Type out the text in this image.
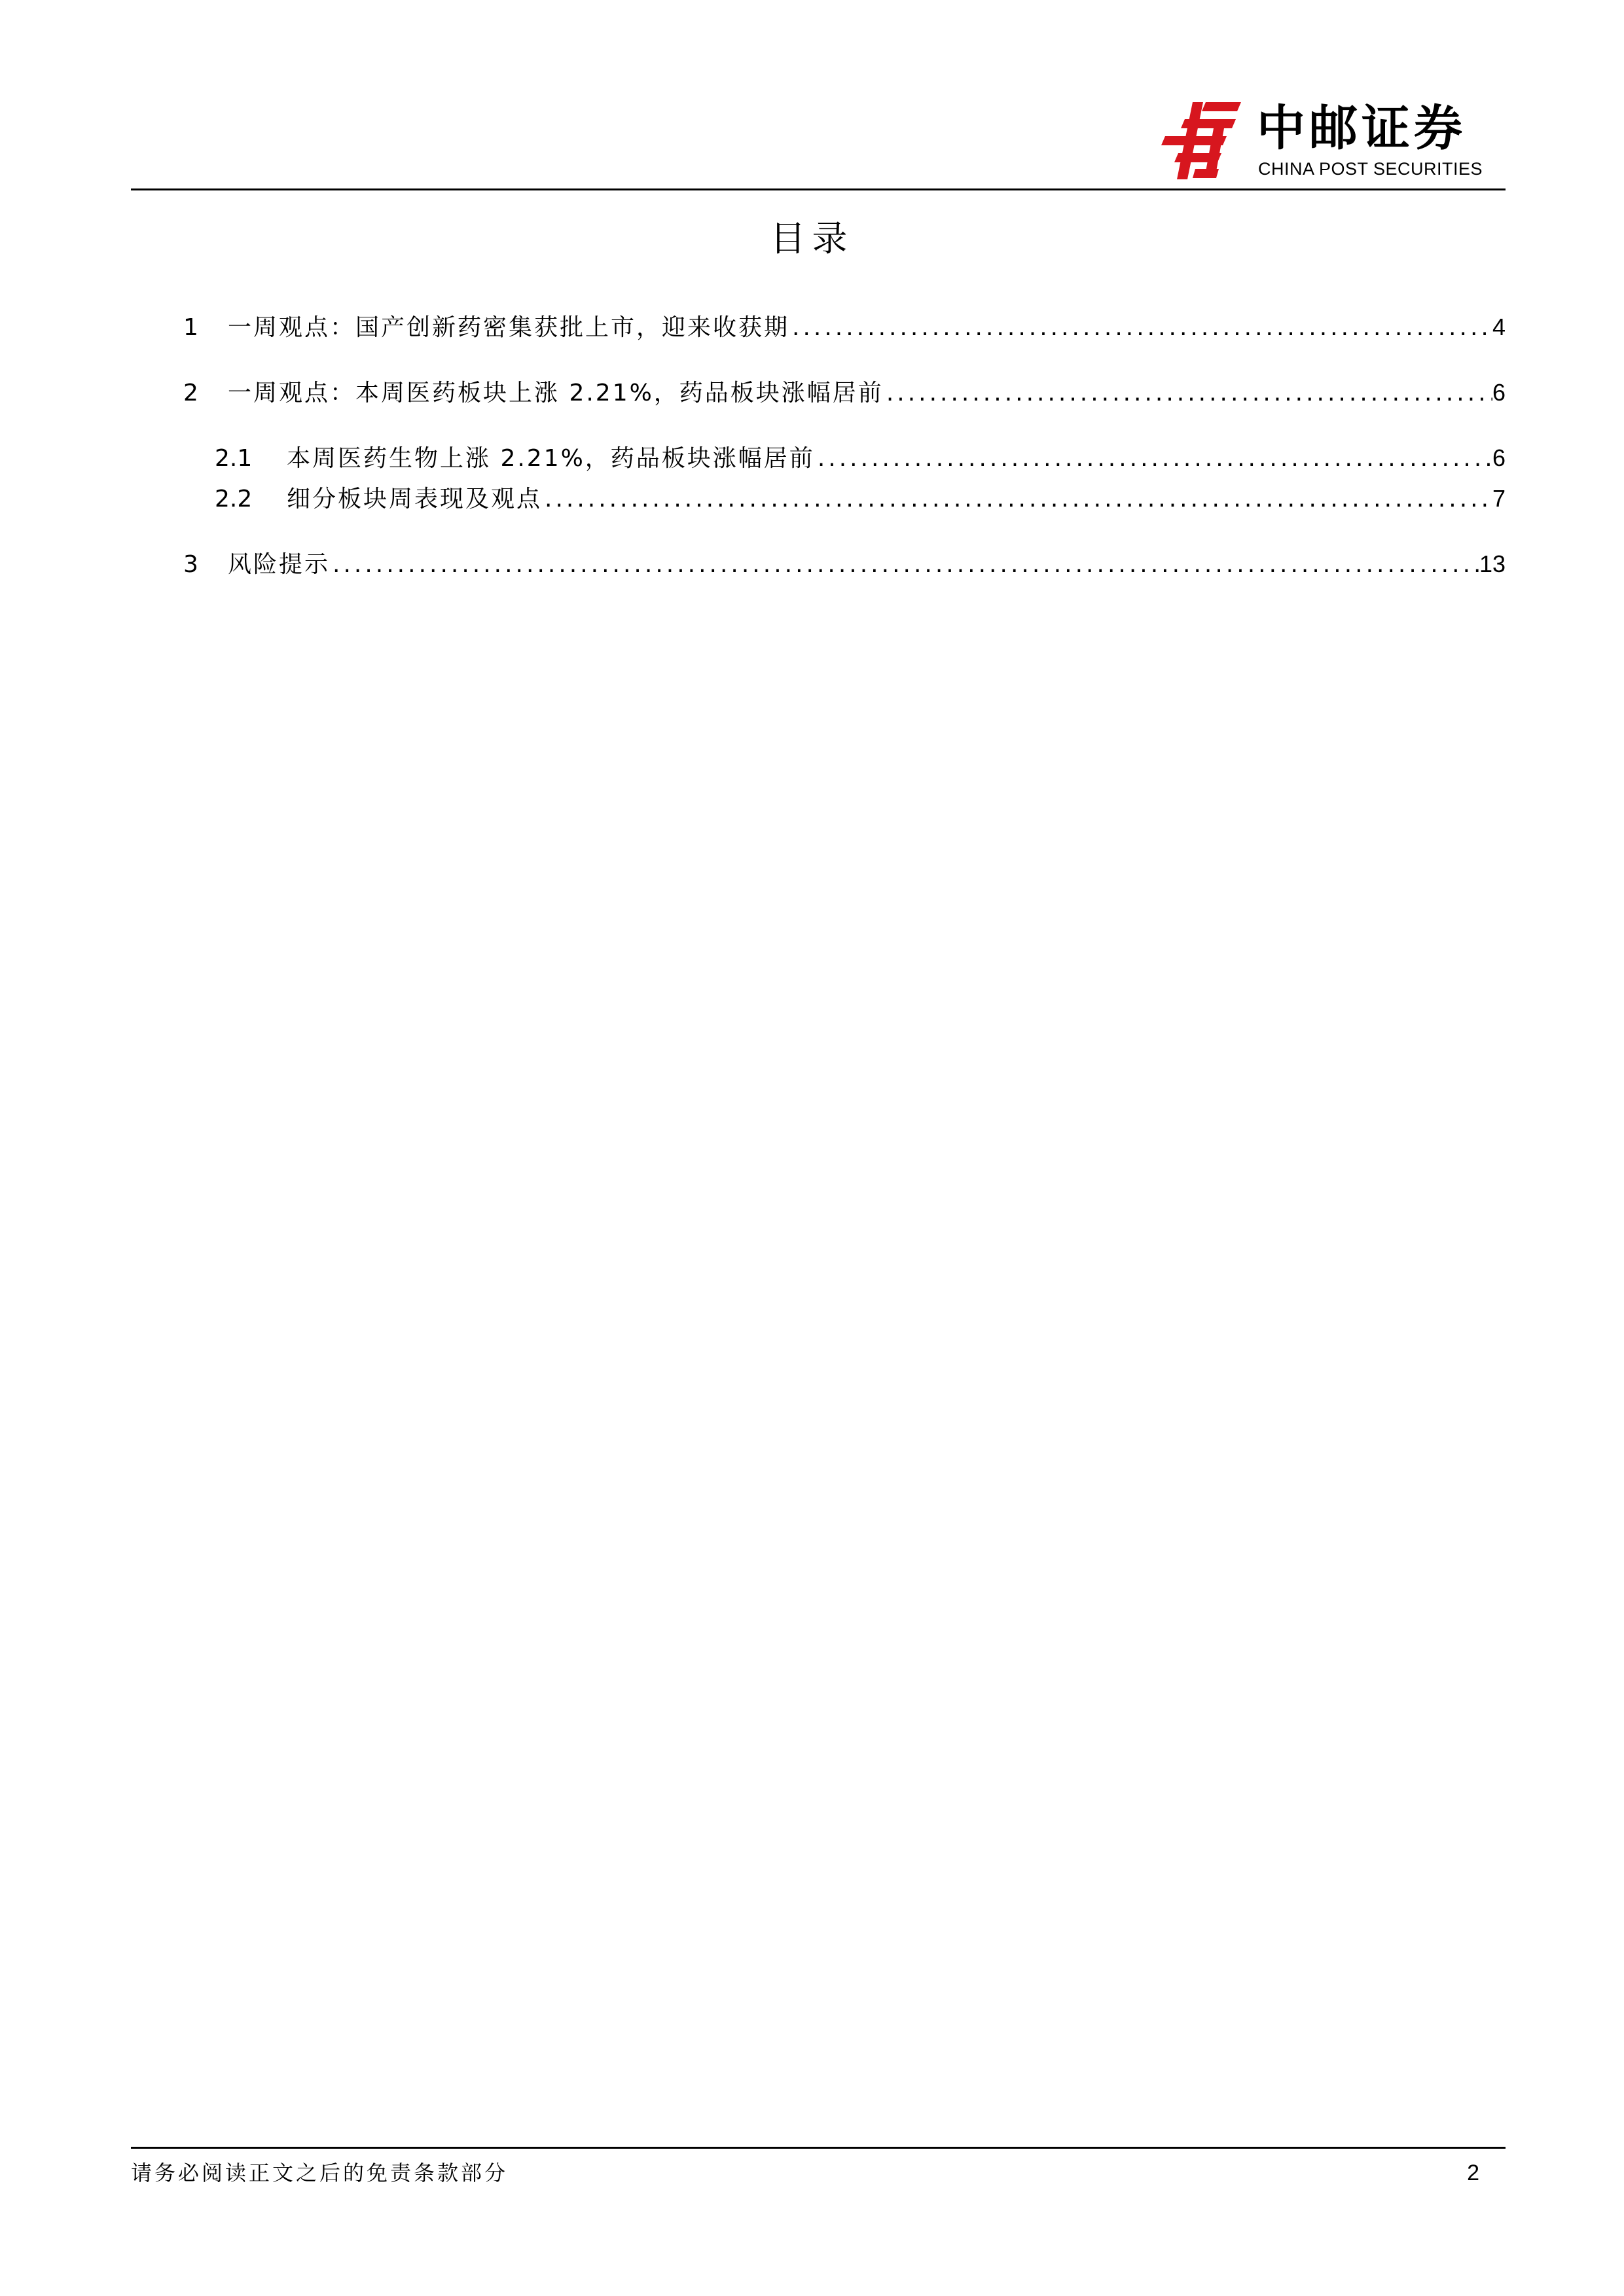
中邮证券
CHINA POST SECURITIES
目录
1	一周观点：国产创新药密集获批上市，迎来收获期 .....	4
2	一周观点：本周医药板块上涨 2.21%，药品板块涨幅居前 .....	6
2.1	本周医药生物上涨 2.21%，药品板块涨幅居前 .....	6
2.2	细分板块周表现及观点 .....	7
3	风险提示 .....	13
请务必阅读正文之后的免责条款部分	2
